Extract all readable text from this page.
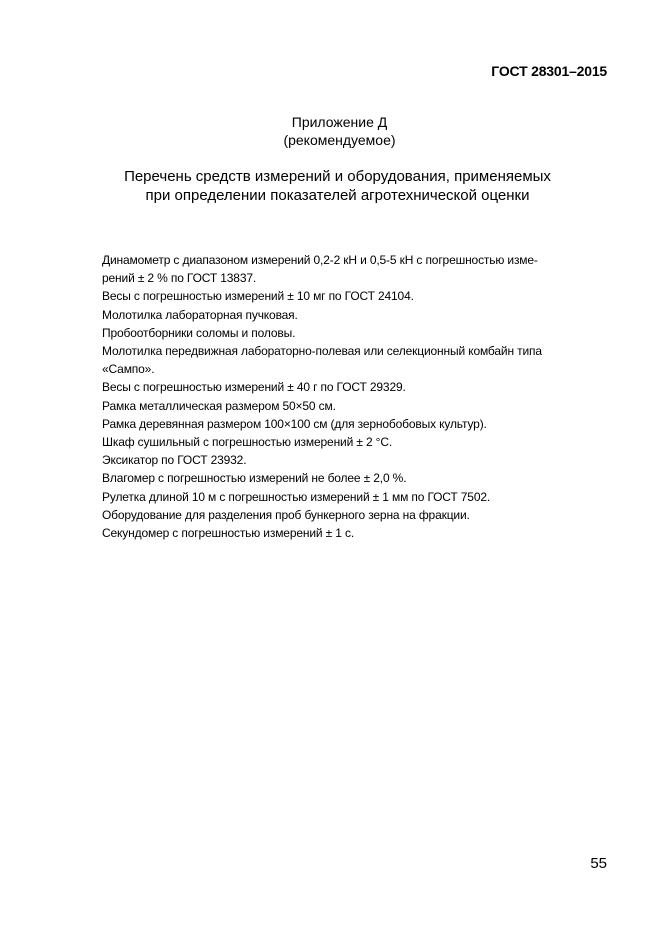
ГОСТ 28301–2015
Приложение Д
(рекомендуемое)
Перечень средств измерений и оборудования, применяемых
при определении показателей агротехнической оценки
Динамометр с диапазоном измерений 0,2-2 кН и 0,5-5 кН с погрешностью изме-
рений ± 2 % по ГОСТ 13837.
Весы с погрешностью измерений ± 10 мг по ГОСТ 24104.
Молотилка лабораторная пучковая.
Пробоотборники соломы и половы.
Молотилка передвижная лабораторно-полевая или селекционный комбайн типа
«Сампо».
Весы с погрешностью измерений ± 40 г по ГОСТ 29329.
Рамка металлическая размером 50×50 см.
Рамка деревянная размером 100×100 см (для зернобобовых культур).
Шкаф сушильный с погрешностью измерений ± 2 °С.
Эксикатор по ГОСТ 23932.
Влагомер с погрешностью измерений не более ± 2,0 %.
Рулетка длиной 10 м с погрешностью измерений ± 1 мм по ГОСТ 7502.
Оборудование для разделения проб бункерного зерна на фракции.
Секундомер с погрешностью измерений ± 1 с.
55
